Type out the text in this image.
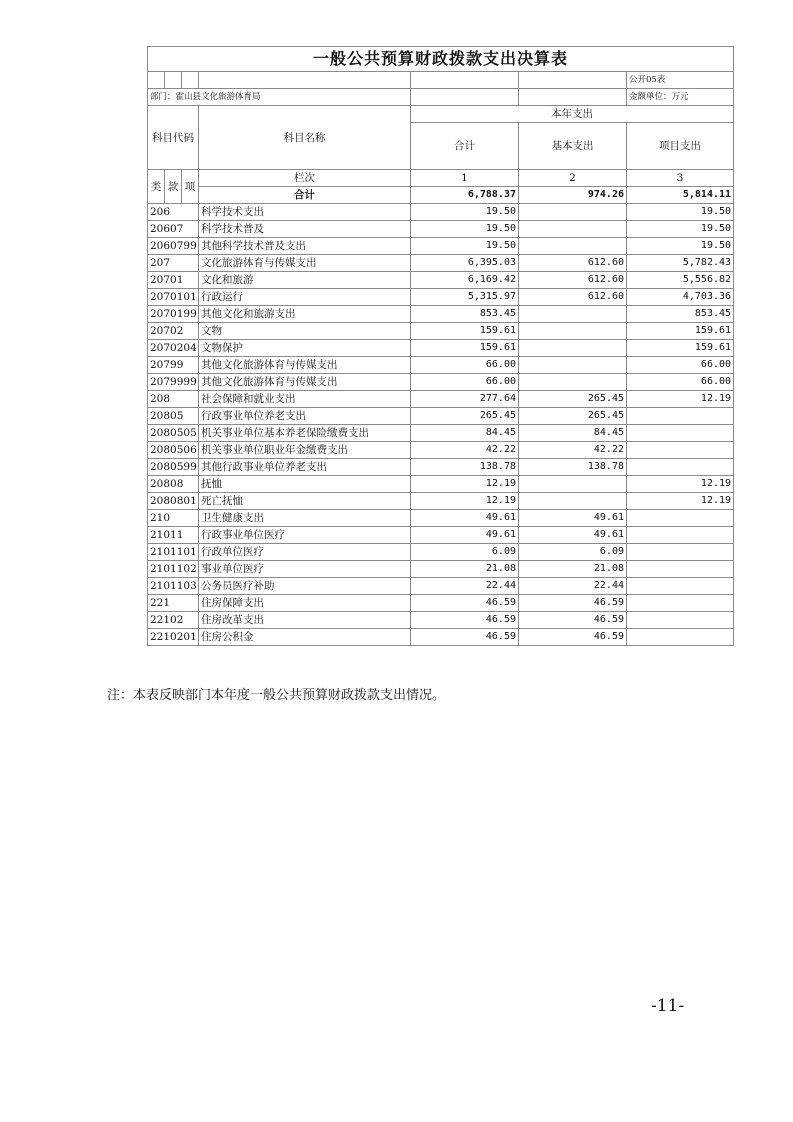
一般公共预算财政拨款支出决算表						
						公开05表
部门：霍山县文化旅游体育局						金额单位：万元
科目代码			科目名称	本年支出		
				合计	基本支出	项目支出
类	款	项	栏次	1	2	3
			合计	6,788.37	974.26	5,814.11
206			科学技术支出	19.50		19.50
20607			科学技术普及	19.50		19.50
2060799			其他科学技术普及支出	19.50		19.50
207			文化旅游体育与传媒支出	6,395.03	612.60	5,782.43
20701			文化和旅游	6,169.42	612.60	5,556.82
2070101			行政运行	5,315.97	612.60	4,703.36
2070199			其他文化和旅游支出	853.45		853.45
20702			文物	159.61		159.61
2070204			文物保护	159.61		159.61
20799			其他文化旅游体育与传媒支出	66.00		66.00
2079999			其他文化旅游体育与传媒支出	66.00		66.00
208			社会保障和就业支出	277.64	265.45	12.19
20805			行政事业单位养老支出	265.45	265.45	
2080505			机关事业单位基本养老保险缴费支出	84.45	84.45	
2080506			机关事业单位职业年金缴费支出	42.22	42.22	
2080599			其他行政事业单位养老支出	138.78	138.78	
20808			抚恤	12.19		12.19
2080801			死亡抚恤	12.19		12.19
210			卫生健康支出	49.61	49.61	
21011			行政事业单位医疗	49.61	49.61	
2101101			行政单位医疗	6.09	6.09	
2101102			事业单位医疗	21.08	21.08	
2101103			公务员医疗补助	22.44	22.44	
221			住房保障支出	46.59	46.59	
22102			住房改革支出	46.59	46.59	
2210201			住房公积金	46.59	46.59	
注：本表反映部门本年度一般公共预算财政拨款支出情况。
-11-
